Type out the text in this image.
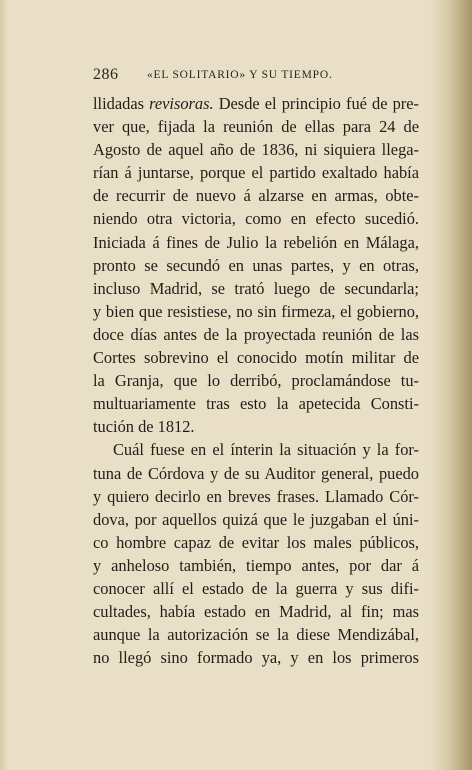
286 «EL SOLITARIO» Y SU TIEMPO.
llidadas revisoras. Desde el principio fué de pre-
ver que, fijada la reunión de ellas para 24 de
Agosto de aquel año de 1836, ni siquiera llega-
rían á juntarse, porque el partido exaltado había
de recurrir de nuevo á alzarse en armas, obte-
niendo otra victoria, como en efecto sucedió.
Iniciada á fines de Julio la rebelión en Málaga,
pronto se secundó en unas partes, y en otras,
incluso Madrid, se trató luego de secundarla;
y bien que resistiese, no sin firmeza, el gobierno,
doce días antes de la proyectada reunión de las
Cortes sobrevino el conocido motín militar de
la Granja, que lo derribó, proclamándose tu-
multuariamente tras esto la apetecida Consti-
tución de 1812.
Cuál fuese en el ínterin la situación y la for-
tuna de Córdova y de su Auditor general, puedo
y quiero decirlo en breves frases. Llamado Cór-
dova, por aquellos quizá que le juzgaban el úni-
co hombre capaz de evitar los males públicos,
y anheloso también, tiempo antes, por dar á
conocer allí el estado de la guerra y sus difi-
cultades, había estado en Madrid, al fin; mas
aunque la autorización se la diese Mendizábal,
no llegó sino formado ya, y en los primeros
